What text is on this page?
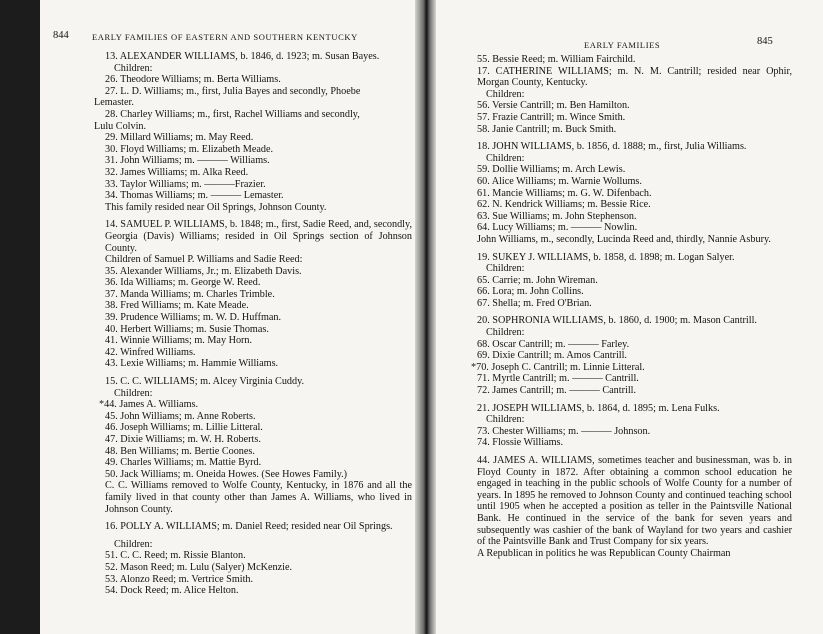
844	EARLY FAMILIES OF EASTERN AND SOUTHERN KENTUCKY
13. ALEXANDER WILLIAMS, b. 1846, d. 1923; m. Susan Bayes.
Children:
26. Theodore Williams; m. Berta Williams.
27. L. D. Williams; m., first, Julia Bayes and secondly, Phoebe
Lemaster.
28. Charley Williams; m., first, Rachel Williams and secondly,
Lulu Colvin.
29. Millard Williams; m. May Reed.
30. Floyd Williams; m. Elizabeth Meade.
31. John Williams; m. ——— Williams.
32. James Williams; m. Alka Reed.
33. Taylor Williams; m. ———Frazier.
34. Thomas Williams; m. ——— Lemaster.
This family resided near Oil Springs, Johnson County.
14. SAMUEL P. WILLIAMS, b. 1848; m., first, Sadie Reed, and, secondly, Georgia (Davis) Williams; resided in Oil Springs section of Johnson County.
Children of Samuel P. Williams and Sadie Reed:
35. Alexander Williams, Jr.; m. Elizabeth Davis.
36. Ida Williams; m. George W. Reed.
37. Manda Williams; m. Charles Trimble.
38. Fred Williams; m. Kate Meade.
39. Prudence Williams; m. W. D. Huffman.
40. Herbert Williams; m. Susie Thomas.
41. Winnie Williams; m. May Horn.
42. Winfred Williams.
43. Lexie Williams; m. Hammie Williams.
15. C. C. WILLIAMS; m. Alcey Virginia Cuddy.
Children:
*44. James A. Williams.
45. John Williams; m. Anne Roberts.
46. Joseph Williams; m. Lillie Litteral.
47. Dixie Williams; m. W. H. Roberts.
48. Ben Williams; m. Bertie Coones.
49. Charles Williams; m. Mattie Byrd.
50. Jack Williams; m. Oneida Howes. (See Howes Family.)
C. C. Williams removed to Wolfe County, Kentucky, in 1876 and all the family lived in that county other than James A. Williams, who lived in Johnson County.
16. POLLY A. WILLIAMS; m. Daniel Reed; resided near Oil Springs.
Children:
51. C. C. Reed; m. Rissie Blanton.
52. Mason Reed; m. Lulu (Salyer) McKenzie.
53. Alonzo Reed; m. Vertrice Smith.
54. Dock Reed; m. Alice Helton.
EARLY FAMILIES	845
55. Bessie Reed; m. William Fairchild.
17. CATHERINE WILLIAMS; m. N. M. Cantrill; resided near Ophir, Morgan County, Kentucky.
Children:
56. Versie Cantrill; m. Ben Hamilton.
57. Frazie Cantrill; m. Wince Smith.
58. Janie Cantrill; m. Buck Smith.
18. JOHN WILLIAMS, b. 1856, d. 1888; m., first, Julia Williams.
Children:
59. Dollie Williams; m. Arch Lewis.
60. Alice Williams; m. Warnie Wollums.
61. Mancie Williams; m. G. W. Difenbach.
62. N. Kendrick Williams; m. Bessie Rice.
63. Sue Williams; m. John Stephenson.
64. Lucy Williams; m. ——— Nowlin.
John Williams, m., secondly, Lucinda Reed and, thirdly, Nannie Asbury.
19. SUKEY J. WILLIAMS, b. 1858, d. 1898; m. Logan Salyer.
Children:
65. Carrie; m. John Wireman.
66. Lora; m. John Collins.
67. Shella; m. Fred O'Brian.
20. SOPHRONIA WILLIAMS, b. 1860, d. 1900; m. Mason Cantrill.
Children:
68. Oscar Cantrill; m. ——— Farley.
69. Dixie Cantrill; m. Amos Cantrill.
*70. Joseph C. Cantrill; m. Linnie Litteral.
71. Myrtle Cantrill; m. ——— Cantrill.
72. James Cantrill; m. ——— Cantrill.
21. JOSEPH WILLIAMS, b. 1864, d. 1895; m. Lena Fulks.
Children:
73. Chester Williams; m. ——— Johnson.
74. Flossie Williams.
44. JAMES A. WILLIAMS, sometimes teacher and businessman, was b. in Floyd County in 1872. After obtaining a common school education he engaged in teaching in the public schools of Wolfe County for a number of years. In 1895 he removed to Johnson County and continued teaching school until 1905 when he accepted a position as teller in the Paintsville National Bank. He continued in the service of the bank for seven years and subsequently was cashier of the bank of Wayland for two years and cashier of the Paintsville Bank and Trust Company for six years.
A Republican in politics he was Republican County Chairman
